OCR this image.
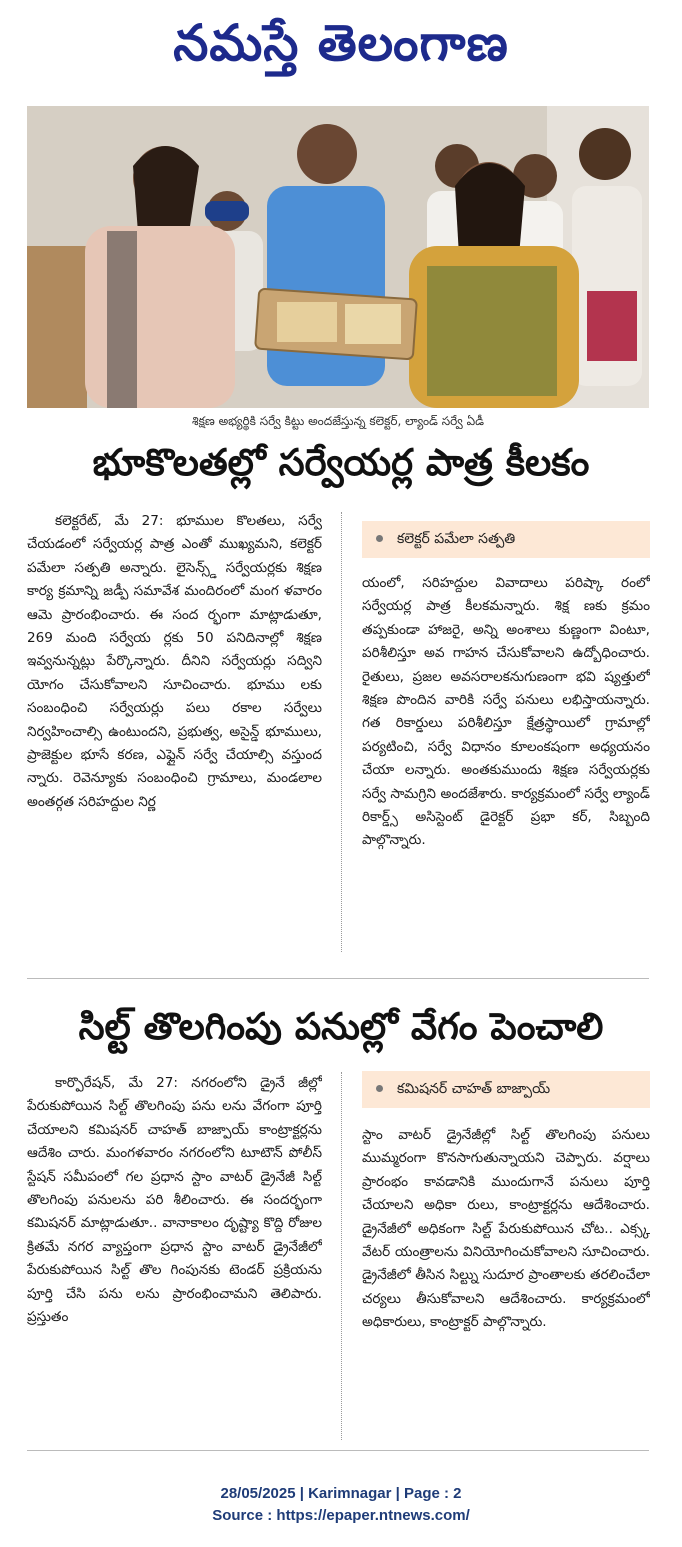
నమస్తే తెలంగాణ
శిక్షణ అభ్యర్థికి సర్వే కిట్టు అందజేస్తున్న కలెక్టర్, ల్యాండ్ సర్వే ఏడీ
భూకొలతల్లో సర్వేయర్ల పాత్ర కీలకం

కలెక్టరేట్, మే 27: భూముల కొలతలు, సర్వే చేయడంలో సర్వేయర్ల పాత్ర ఎంతో ముఖ్యమని, కలెక్టర్ పమేలా సత్పతి అన్నారు. లైసెన్స్డ్ సర్వేయర్లకు శిక్షణ కార్య క్రమాన్ని జడ్పీ సమావేశ మందిరంలో మంగ ళవారం ఆమె ప్రారంభించారు. ఈ సంద ర్భంగా మాట్లాడుతూ, 269 మంది సర్వేయ ర్లకు 50 పనిదినాల్లో శిక్షణ ఇవ్వనున్నట్లు పేర్కొన్నారు. దీనిని సర్వేయర్లు సద్విని యోగం చేసుకోవాలని సూచించారు. భూము లకు సంబంధించి సర్వేయర్లు పలు రకాల సర్వేలు నిర్వహించాల్సి ఉంటుందని, ప్రభుత్వ, అసైన్డ్ భూములు, ప్రాజెక్టుల భూసే కరణ, ఎఫ్లైన్ సర్వే చేయాల్సి వస్తుంద న్నారు. రెవెన్యూకు సంబంధించి గ్రామాలు, మండలాల అంతర్గత సరిహద్దుల నిర్ణ

కలెక్టర్ పమేలా సత్పతి

యంలో, సరిహద్దుల వివాదాలు పరిష్కా రంలో సర్వేయర్ల పాత్ర కీలకమన్నారు. శిక్ష ణకు క్రమం తప్పకుండా హాజరై, అన్ని అంశాలు కుణ్ణంగా వింటూ, పరిశీలిస్తూ అవ గాహన చేసుకోవాలని ఉద్బోధించారు. రైతులు, ప్రజల అవసరాలకనుగుణంగా భవి ష్యత్తులో శిక్షణ పొందిన వారికి సర్వే పనులు లభిస్తాయన్నారు. గత రికార్డులు పరిశీలిస్తూ క్షేత్రస్థాయిలో గ్రామాల్లో పర్యటించి, సర్వే విధానం కూలంకషంగా అధ్యయనం చేయా లన్నారు. అంతకుముందు శిక్షణ సర్వేయర్లకు సర్వే సామగ్రిని అందజేశారు. కార్యక్రమంలో సర్వే ల్యాండ్ రికార్డ్స్ అసిస్టెంట్ డైరెక్టర్ ప్రభా కర్, సిబ్బంది పాల్గొన్నారు.

సిల్ట్ తొలగింపు పనుల్లో వేగం పెంచాలి

కార్పొరేషన్, మే 27: నగరంలోని డ్రైనే జీల్లో పేరుకుపోయిన సిల్ట్ తొలగింపు పను లను వేగంగా పూర్తి చేయాలని కమిషనర్ చాహత్ బాజ్పాయ్ కాంట్రాక్టర్లను ఆదేశిం చారు. మంగళవారం నగరంలోని టూటౌన్ పోలీస్ స్టేషన్ సమీపంలో గల ప్రధాన స్టాం వాటర్ డ్రైనేజీ సిల్ట్ తొలగింపు పనులను పరి శీలించారు. ఈ సందర్భంగా కమిషనర్ మాట్లాడుతూ.. వానాకాలం దృష్ట్యా కొద్ది రోజుల క్రితమే నగర వ్యాప్తంగా ప్రధాన స్టాం వాటర్ డ్రైనేజీలో పేరుకుపోయిన సిల్ట్ తొల గింపునకు టెండర్ ప్రక్రియను పూర్తి చేసి పను లను ప్రారంభించామని తెలిపారు. ప్రస్తుతం

కమిషనర్ చాహత్ బాజ్పాయ్

స్టాం వాటర్ డ్రైనేజీల్లో సిల్ట్ తొలగింపు పనులు ముమ్మరంగా కొనసాగుతున్నాయని చెప్పారు. వర్షాలు ప్రారంభం కావడానికి ముందుగానే పనులు పూర్తి చేయాలని అధికా రులు, కాంట్రాక్టర్లను ఆదేశించారు. డ్రైనేజీలో అధికంగా సిల్ట్ పేరుకుపోయిన చోట.. ఎక్స్క వేటర్ యంత్రాలను వినియోగించుకోవాలని సూచించారు. డ్రైనేజీలో తీసిన సిల్ట్ను సుదూర ప్రాంతాలకు తరలించేలా చర్యలు తీసుకోవాలని ఆదేశించారు. కార్యక్రమంలో అధికారులు, కాంట్రాక్టర్ పాల్గొన్నారు.

28/05/2025 | Karimnagar | Page : 2
Source : https://epaper.ntnews.com/
